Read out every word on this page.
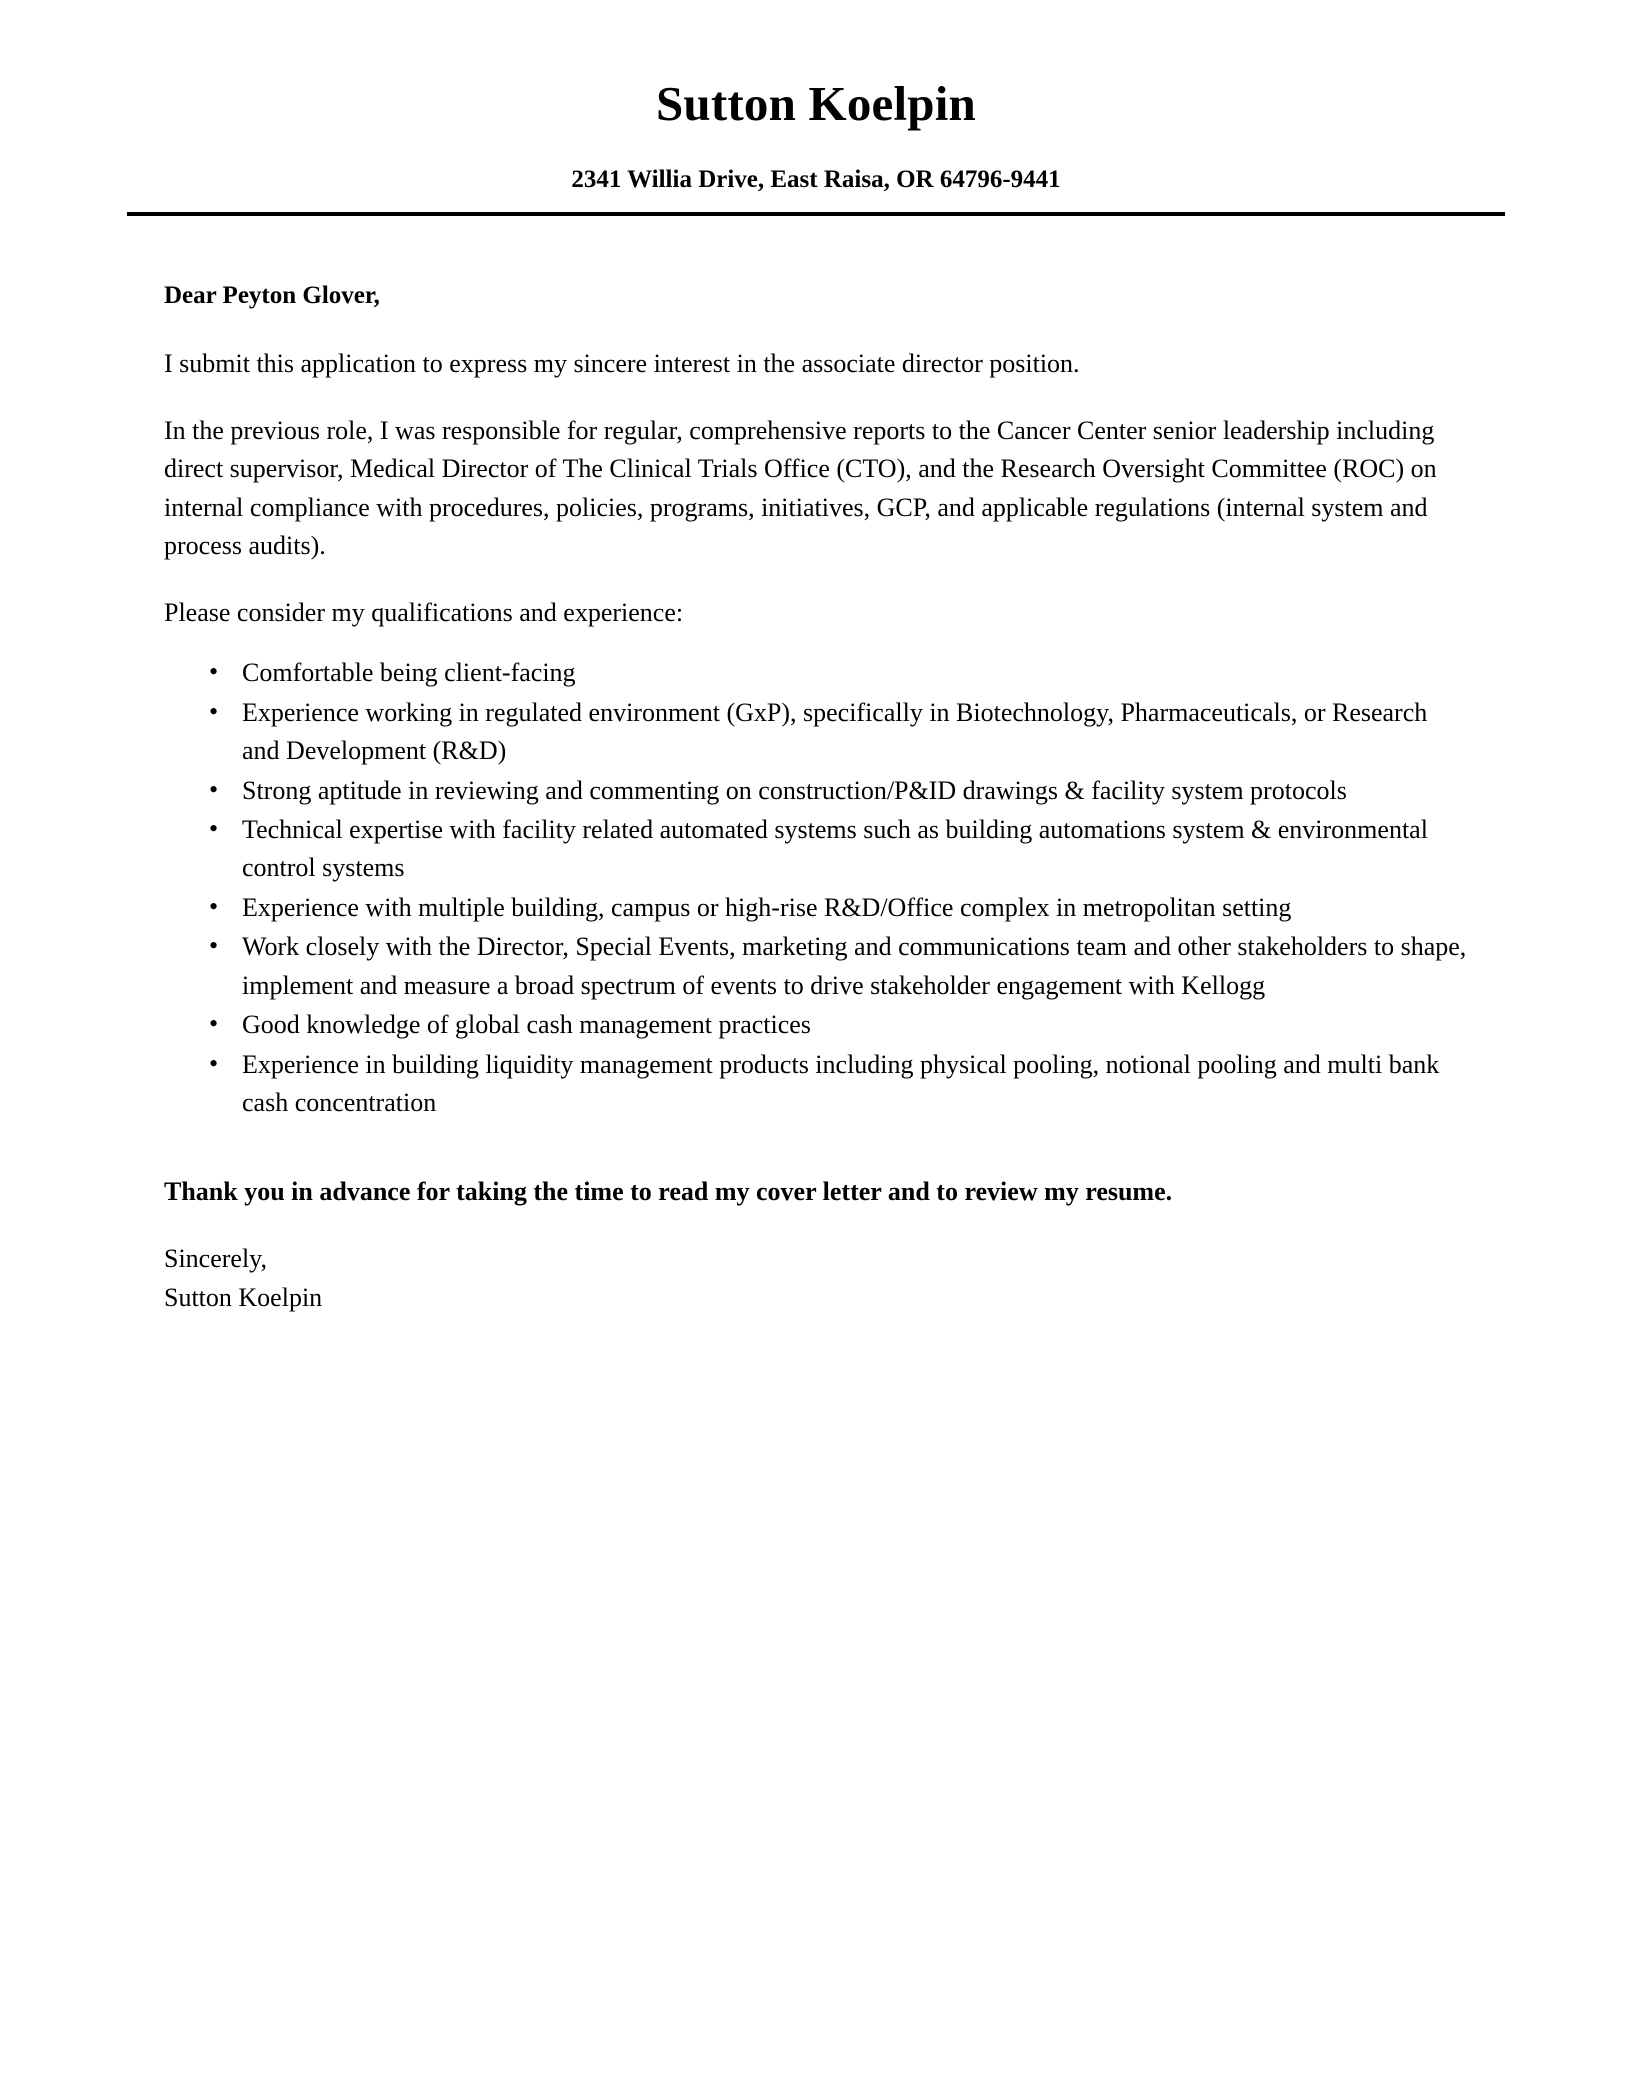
Sutton Koelpin
2341 Willia Drive, East Raisa, OR 64796-9441
Dear Peyton Glover,

I submit this application to express my sincere interest in the associate director position.

In the previous role, I was responsible for regular, comprehensive reports to the Cancer Center senior leadership including direct supervisor, Medical Director of The Clinical Trials Office (CTO), and the Research Oversight Committee (ROC) on internal compliance with procedures, policies, programs, initiatives, GCP, and applicable regulations (internal system and process audits).

Please consider my qualifications and experience:

• Comfortable being client-facing
• Experience working in regulated environment (GxP), specifically in Biotechnology, Pharmaceuticals, or Research and Development (R&D)
• Strong aptitude in reviewing and commenting on construction/P&ID drawings & facility system protocols
• Technical expertise with facility related automated systems such as building automations system & environmental control systems
• Experience with multiple building, campus or high-rise R&D/Office complex in metropolitan setting
• Work closely with the Director, Special Events, marketing and communications team and other stakeholders to shape, implement and measure a broad spectrum of events to drive stakeholder engagement with Kellogg
• Good knowledge of global cash management practices
• Experience in building liquidity management products including physical pooling, notional pooling and multi bank cash concentration
Thank you in advance for taking the time to read my cover letter and to review my resume.
Sincerely,
Sutton Koelpin
